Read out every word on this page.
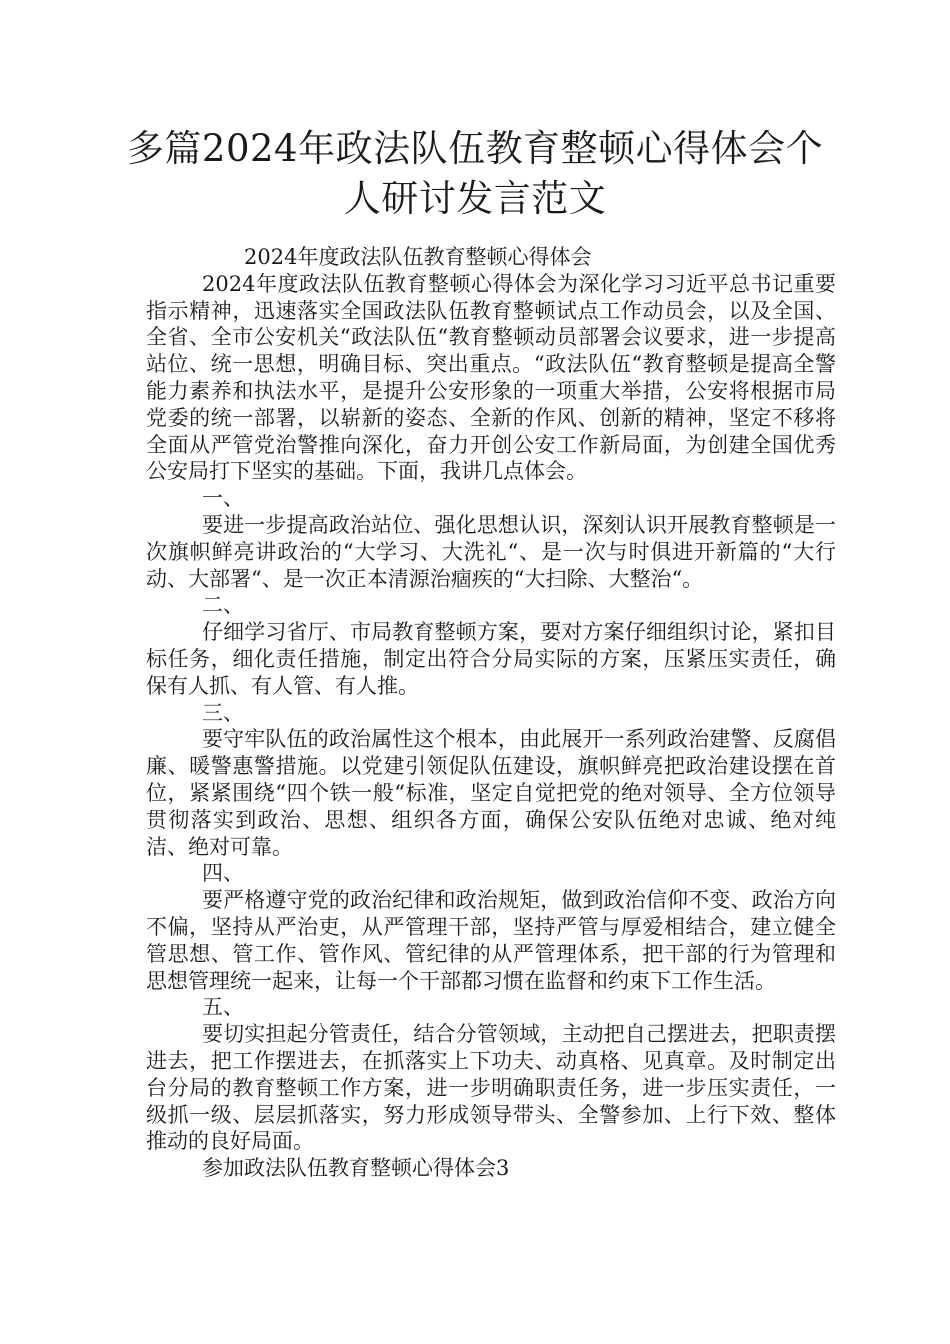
多篇2024年政法队伍教育整顿心得体会个
人研讨发言范文

2024年度政法队伍教育整顿心得体会

2024年度政法队伍教育整顿心得体会为深化学习习近平总书记重要指示精神，迅速落实全国政法队伍教育整顿试点工作动员会，以及全国、全省、全市公安机关“政法队伍“教育整顿动员部署会议要求，进一步提高站位、统一思想，明确目标、突出重点。“政法队伍“教育整顿是提高全警能力素养和执法水平，是提升公安形象的一项重大举措，公安将根据市局党委的统一部署，以崭新的姿态、全新的作风、创新的精神，坚定不移将全面从严管党治警推向深化，奋力开创公安工作新局面，为创建全国优秀公安局打下坚实的基础。下面，我讲几点体会。

一、

要进一步提高政治站位、强化思想认识，深刻认识开展教育整顿是一次旗帜鲜亮讲政治的“大学习、大洗礼“、是一次与时俱进开新篇的“大行动、大部署“、是一次正本清源治痼疾的“大扫除、大整治“。

二、

仔细学习省厅、市局教育整顿方案，要对方案仔细组织讨论，紧扣目标任务，细化责任措施，制定出符合分局实际的方案，压紧压实责任，确保有人抓、有人管、有人推。

三、

要守牢队伍的政治属性这个根本，由此展开一系列政治建警、反腐倡廉、暖警惠警措施。以党建引领促队伍建设，旗帜鲜亮把政治建设摆在首位，紧紧围绕“四个铁一般“标准，坚定自觉把党的绝对领导、全方位领导贯彻落实到政治、思想、组织各方面，确保公安队伍绝对忠诚、绝对纯洁、绝对可靠。

四、

要严格遵守党的政治纪律和政治规矩，做到政治信仰不变、政治方向不偏，坚持从严治吏，从严管理干部，坚持严管与厚爱相结合，建立健全管思想、管工作、管作风、管纪律的从严管理体系，把干部的行为管理和思想管理统一起来，让每一个干部都习惯在监督和约束下工作生活。

五、

要切实担起分管责任，结合分管领域，主动把自己摆进去，把职责摆进去，把工作摆进去，在抓落实上下功夫、动真格、见真章。及时制定出台分局的教育整顿工作方案，进一步明确职责任务，进一步压实责任，一级抓一级、层层抓落实，努力形成领导带头、全警参加、上行下效、整体推动的良好局面。

参加政法队伍教育整顿心得体会3
